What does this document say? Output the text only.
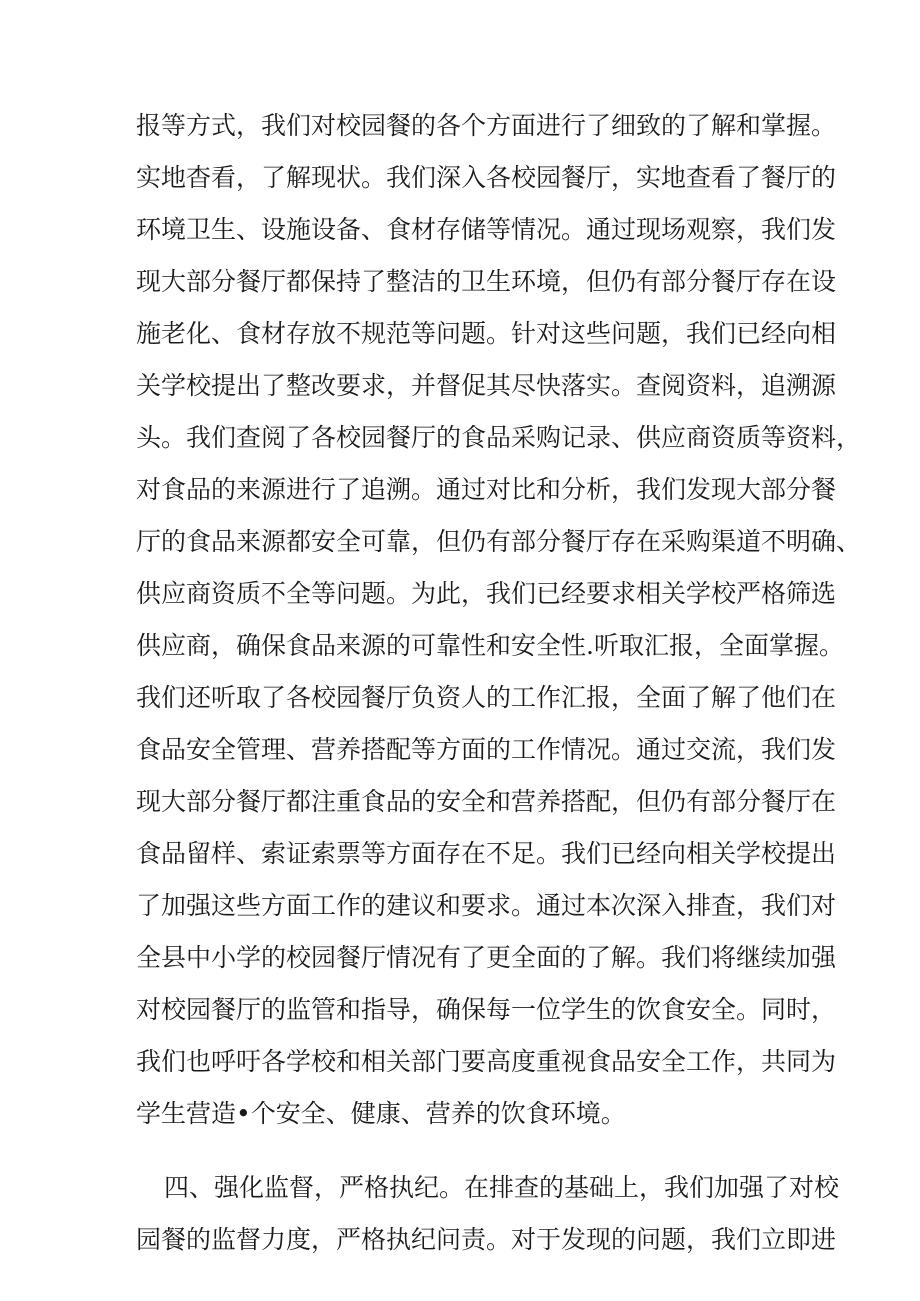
报等方式，我们对校园餐的各个方面进行了细致的了解和掌握。

实地杳看，了解现状。我们深入各校园餐厅，实地查看了餐厅的

环境卫生、设施设备、食材存储等情况。通过现场观察，我们发

现大部分餐厅都保持了整洁的卫生环境，但仍有部分餐厅存在设

施老化、食材存放不规范等问题。针对这些问题，我们已经向相

关学校提出了整改要求，并督促其尽快落实。查阅资料，追溯源

头。我们查阅了各校园餐厅的食品采购记录、供应商资质等资料，

对食品的来源进行了追溯。通过对比和分析，我们发现大部分餐

厅的食品来源都安全可靠，但仍有部分餐厅存在采购渠道不明确、

供应商资质不全等问题。为此，我们已经要求相关学校严格筛选

供应商，确保食品来源的可靠性和安全性.听取汇报，全面掌握。

我们还听取了各校园餐厅负资人的工作汇报，全面了解了他们在

食品安全管理、营养搭配等方面的工作情况。通过交流，我们发

现大部分餐厅都注重食品的安全和营养搭配，但仍有部分餐厅在

食品留样、索证索票等方面存在不足。我们已经向相关学校提出

了加强这些方面工作的建议和要求。通过本次深入排査，我们对

全县中小学的校园餐厅情况有了更全面的了解。我们将继续加强

对校园餐厅的监管和指导，确保每一位学生的饮食安全。同时，

我们也呼吁各学校和相关部门要高度重视食品安全工作，共同为

学生营造•个安全、健康、营养的饮食环境。

四、强化监督，严格执纪。在排查的基础上，我们加强了对校

园餐的监督力度，严格执纪问责。对于发现的问题，我们立即进
